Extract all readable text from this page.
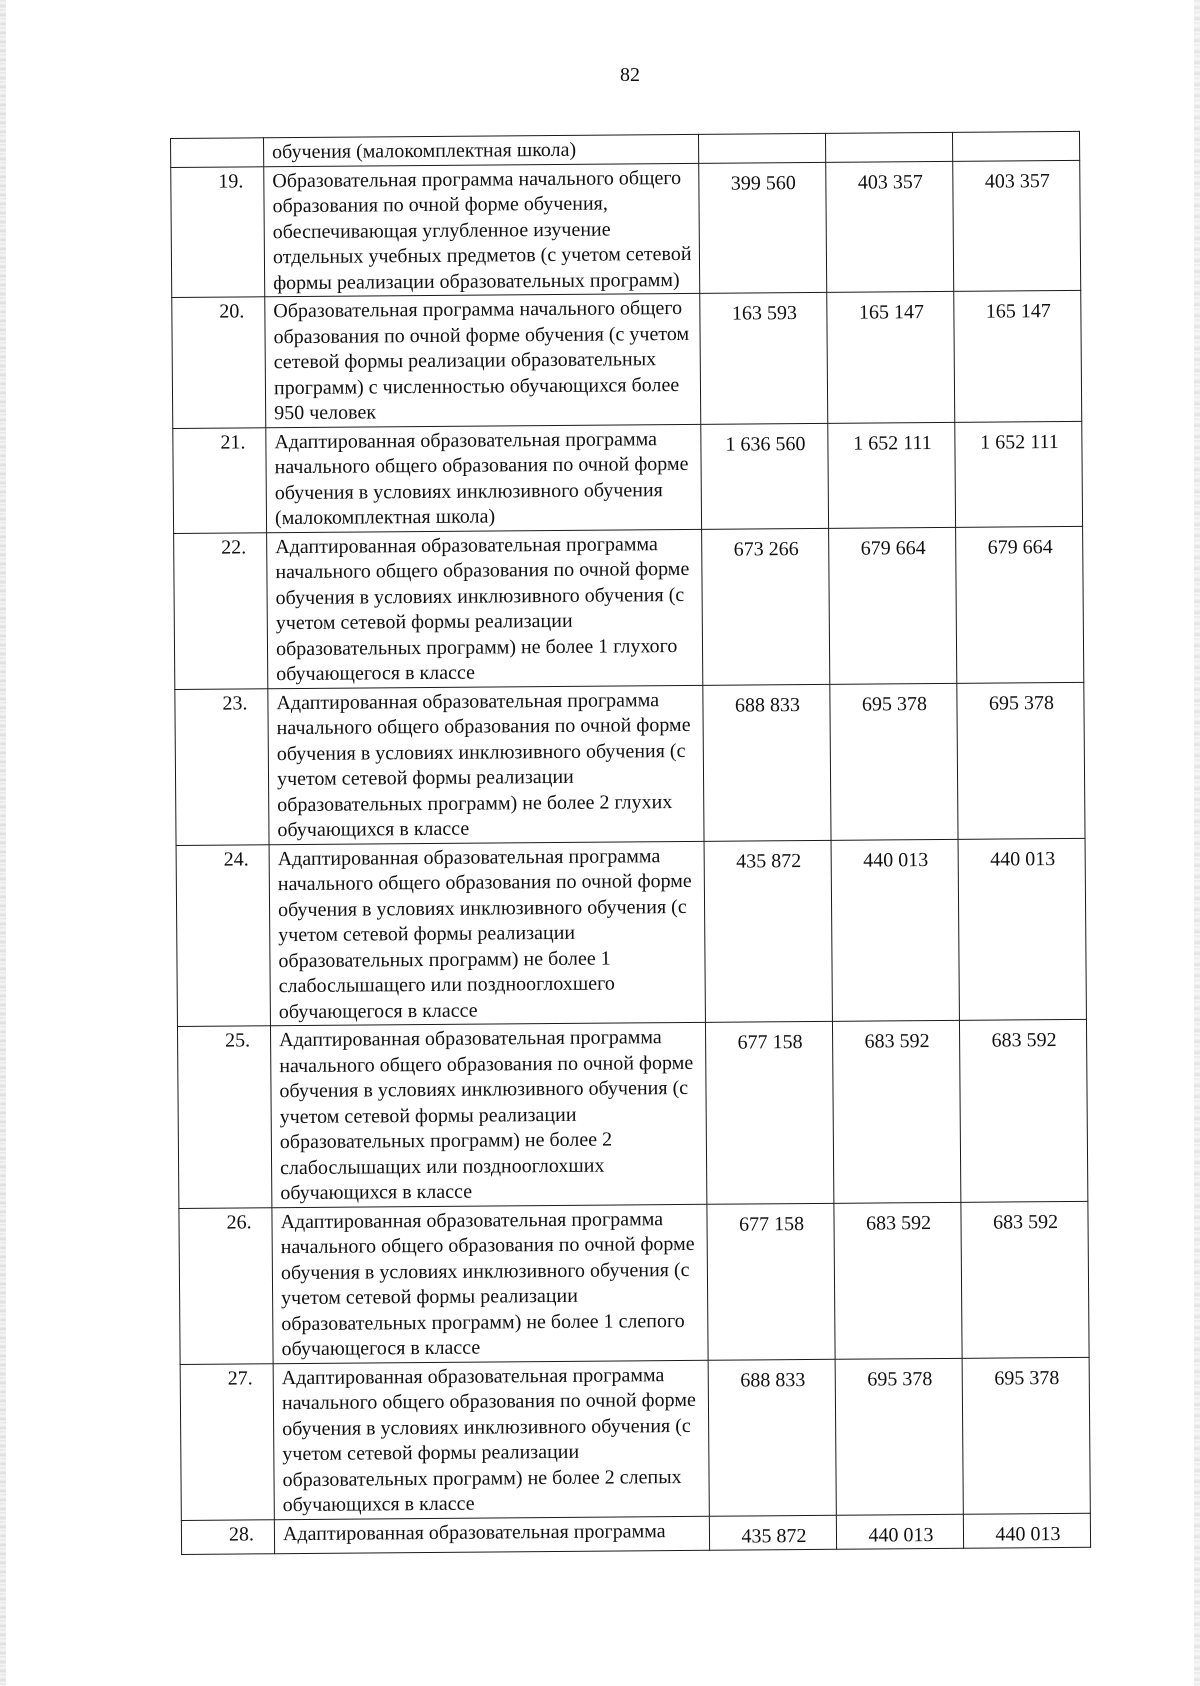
82
	обучения (малокомплектная школа)			
19.	Образовательная программа начального общего образования по очной форме обучения, обеспечивающая углубленное изучение отдельных учебных предметов (с учетом сетевой формы реализации образовательных программ)	399 560	403 357	403 357
20.	Образовательная программа начального общего образования по очной форме обучения (с учетом сетевой формы реализации образовательных программ) с численностью обучающихся более 950 человек	163 593	165 147	165 147
21.	Адаптированная образовательная программа начального общего образования по очной форме обучения в условиях инклюзивного обучения (малокомплектная школа)	1 636 560	1 652 111	1 652 111
22.	Адаптированная образовательная программа начального общего образования по очной форме обучения в условиях инклюзивного обучения (с учетом сетевой формы реализации образовательных программ) не более 1 глухого обучающегося в классе	673 266	679 664	679 664
23.	Адаптированная образовательная программа начального общего образования по очной форме обучения в условиях инклюзивного обучения (с учетом сетевой формы реализации образовательных программ) не более 2 глухих обучающихся в классе	688 833	695 378	695 378
24.	Адаптированная образовательная программа начального общего образования по очной форме обучения в условиях инклюзивного обучения (с учетом сетевой формы реализации образовательных программ) не более 1 слабослышащего или позднооглохшего обучающегося в классе	435 872	440 013	440 013
25.	Адаптированная образовательная программа начального общего образования по очной форме обучения в условиях инклюзивного обучения (с учетом сетевой формы реализации образовательных программ) не более 2 слабослышащих или позднооглохших обучающихся в классе	677 158	683 592	683 592
26.	Адаптированная образовательная программа начального общего образования по очной форме обучения в условиях инклюзивного обучения (с учетом сетевой формы реализации образовательных программ) не более 1 слепого обучающегося в классе	677 158	683 592	683 592
27.	Адаптированная образовательная программа начального общего образования по очной форме обучения в условиях инклюзивного обучения (с учетом сетевой формы реализации образовательных программ) не более 2 слепых обучающихся в классе	688 833	695 378	695 378
28.	Адаптированная образовательная программа	435 872	440 013	440 013
